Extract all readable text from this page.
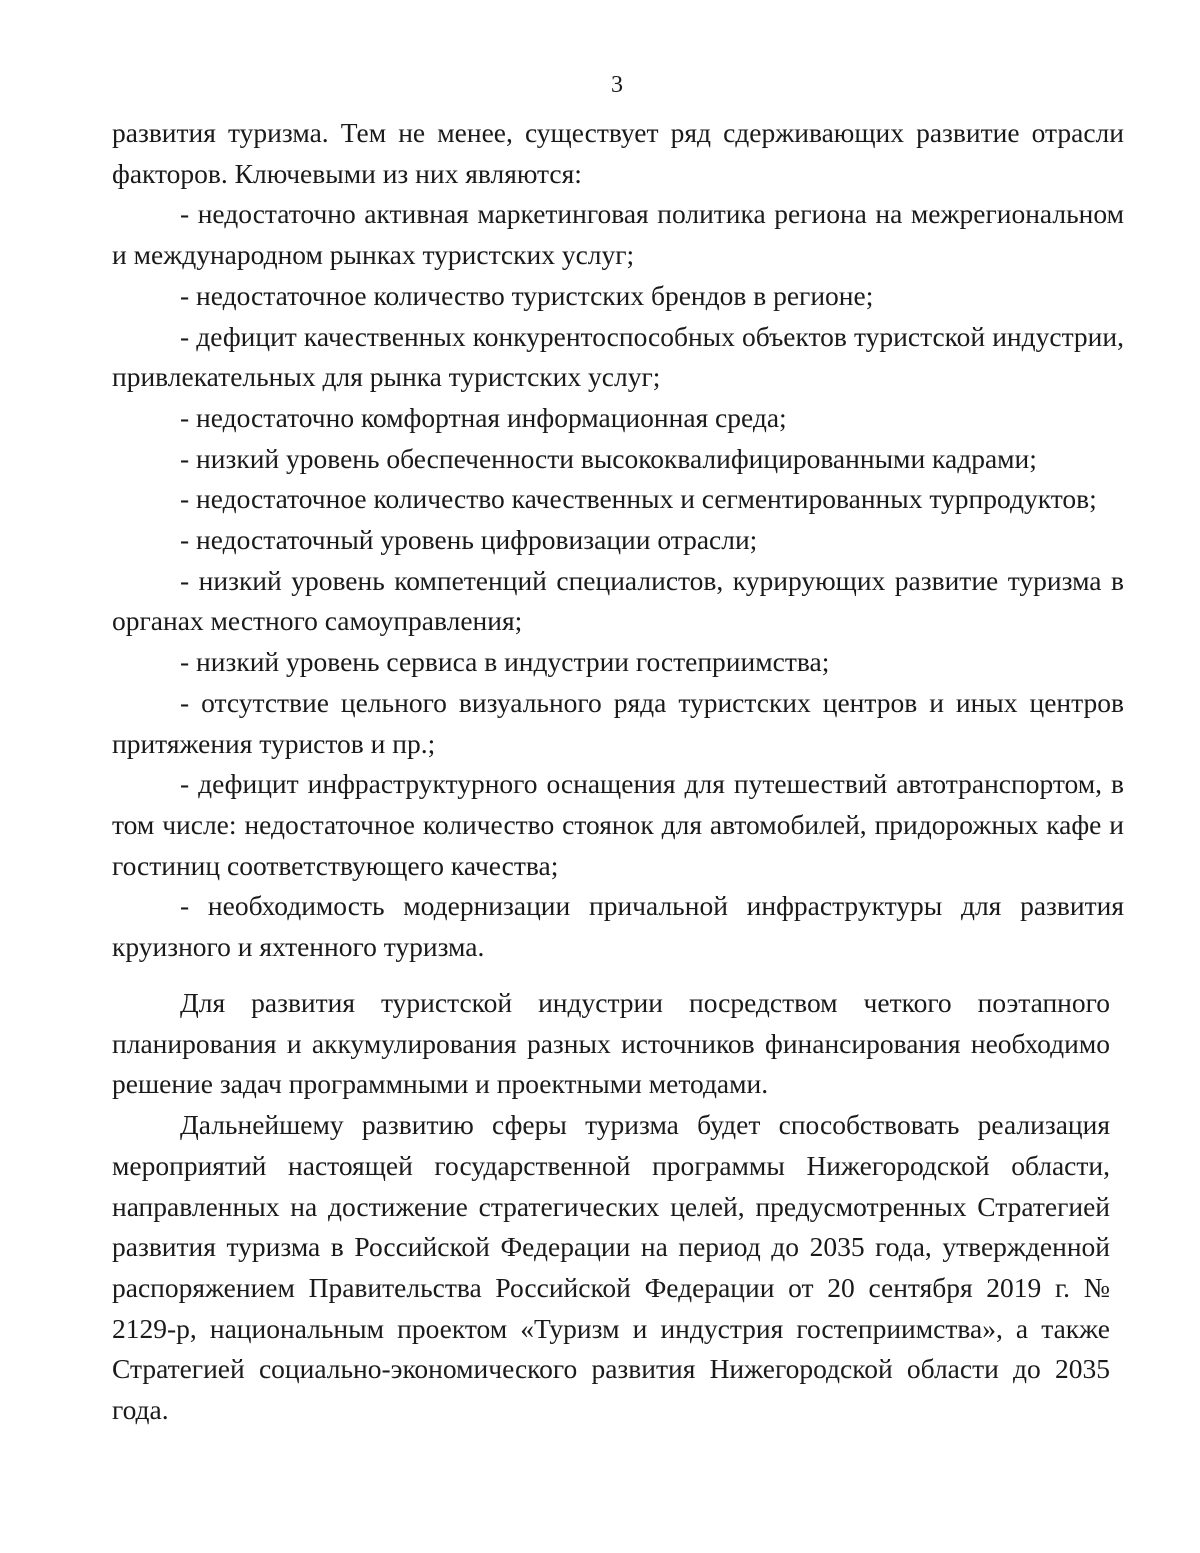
3

развития туризма. Тем не менее, существует ряд сдерживающих развитие отрасли факторов. Ключевыми из них являются:

- недостаточно активная маркетинговая политика региона на межрегиональном и международном рынках туристских услуг;

- недостаточное количество туристских брендов в регионе;

- дефицит качественных конкурентоспособных объектов туристской индустрии, привлекательных для рынка туристских услуг;

- недостаточно комфортная информационная среда;

- низкий уровень обеспеченности высококвалифицированными кадрами;

- недостаточное количество качественных и сегментированных турпродуктов;

- недостаточный уровень цифровизации отрасли;

- низкий уровень компетенций специалистов, курирующих развитие туризма в органах местного самоуправления;

- низкий уровень сервиса в индустрии гостеприимства;

- отсутствие цельного визуального ряда туристских центров и иных центров притяжения туристов и пр.;

- дефицит инфраструктурного оснащения для путешествий автотранспортом, в том числе: недостаточное количество стоянок для автомобилей, придорожных кафе и гостиниц соответствующего качества;

- необходимость модернизации причальной инфраструктуры для развития круизного и яхтенного туризма.

Для развития туристской индустрии посредством четкого поэтапного планирования и аккумулирования разных источников финансирования необходимо решение задач программными и проектными методами.

Дальнейшему развитию сферы туризма будет способствовать реализация мероприятий настоящей государственной программы Нижегородской области, направленных на достижение стратегических целей, предусмотренных Стратегией развития туризма в Российской Федерации на период до 2035 года, утвержденной распоряжением Правительства Российской Федерации от 20 сентября 2019 г. № 2129-р, национальным проектом «Туризм и индустрия гостеприимства», а также Стратегией социально-экономического развития Нижегородской области до 2035 года.
